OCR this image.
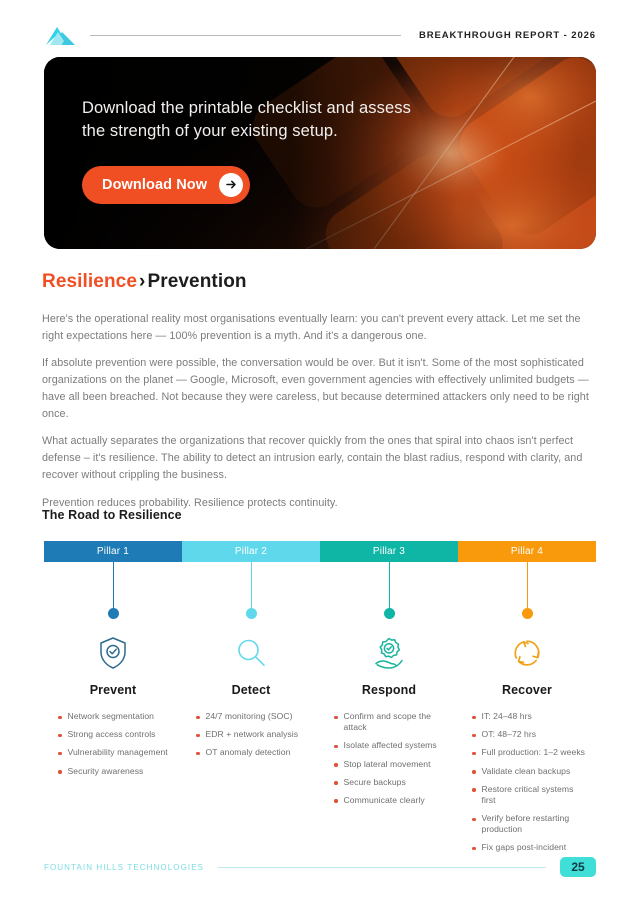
BREAKTHROUGH REPORT - 2026
Download the printable checklist and assess the strength of your existing setup.
Download Now
Resilience › Prevention

Here's the operational reality most organisations eventually learn: you can't prevent every attack. Let me set the right expectations here — 100% prevention is a myth. And it's a dangerous one.

If absolute prevention were possible, the conversation would be over. But it isn't. Some of the most sophisticated organizations on the planet — Google, Microsoft, even government agencies with effectively unlimited budgets — have all been breached. Not because they were careless, but because determined attackers only need to be right once.

What actually separates the organizations that recover quickly from the ones that spiral into chaos isn't perfect defense – it's resilience. The ability to detect an intrusion early, contain the blast radius, respond with clarity, and recover without crippling the business.

Prevention reduces probability. Resilience protects continuity.

The Road to Resilience
Pillar 1	Pillar 2	Pillar 3	Pillar 4
Prevent
Network segmentation
Strong access controls
Vulnerability management
Security awareness
Detect
24/7 monitoring (SOC)
EDR + network analysis
OT anomaly detection
Respond
Confirm and scope the attack
Isolate affected systems
Stop lateral movement
Secure backups
Communicate clearly
Recover
IT: 24–48 hrs
OT: 48–72 hrs
Full production: 1–2 weeks
Validate clean backups
Restore critical systems first
Verify before restarting production
Fix gaps post-incident
FOUNTAIN HILLS TECHNOLOGIES	25
